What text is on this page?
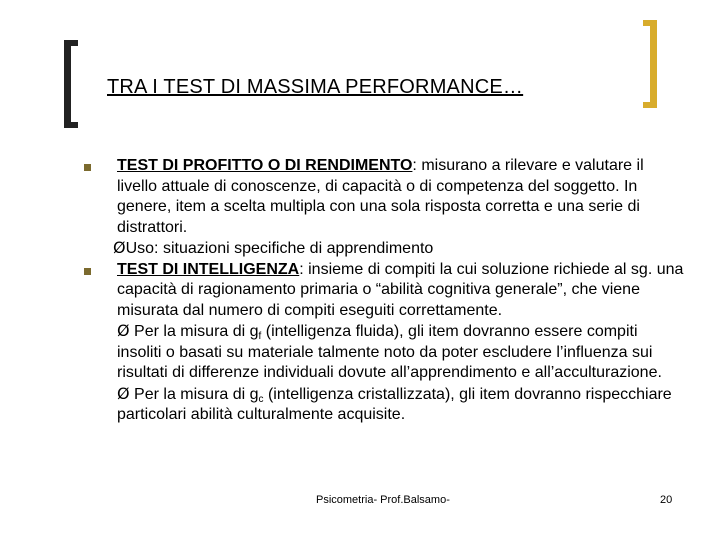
TRA I TEST DI MASSIMA PERFORMANCE…
TEST DI PROFITTO O DI RENDIMENTO: misurano a rilevare e valutare il livello attuale di conoscenze, di capacità o di competenza del soggetto. In genere, item a scelta multipla con una sola risposta corretta e una serie di distrattori.
ØUso: situazioni specifiche di apprendimento
TEST DI INTELLIGENZA: insieme di compiti la cui soluzione richiede al sg. una capacità di ragionamento primaria o “abilità cognitiva generale”, che viene misurata dal numero di compiti eseguiti correttamente.
Ø Per la misura di $g_f$ (intelligenza fluida), gli item dovranno essere compiti insoliti o basati su materiale talmente noto da poter escludere l’influenza sui risultati di differenze individuali dovute all’apprendimento e all’acculturazione.
Ø Per la misura di $g_c$ (intelligenza cristallizzata), gli item dovranno rispecchiare particolari abilità culturalmente acquisite.
Psicometria- Prof.Balsamo-	20
